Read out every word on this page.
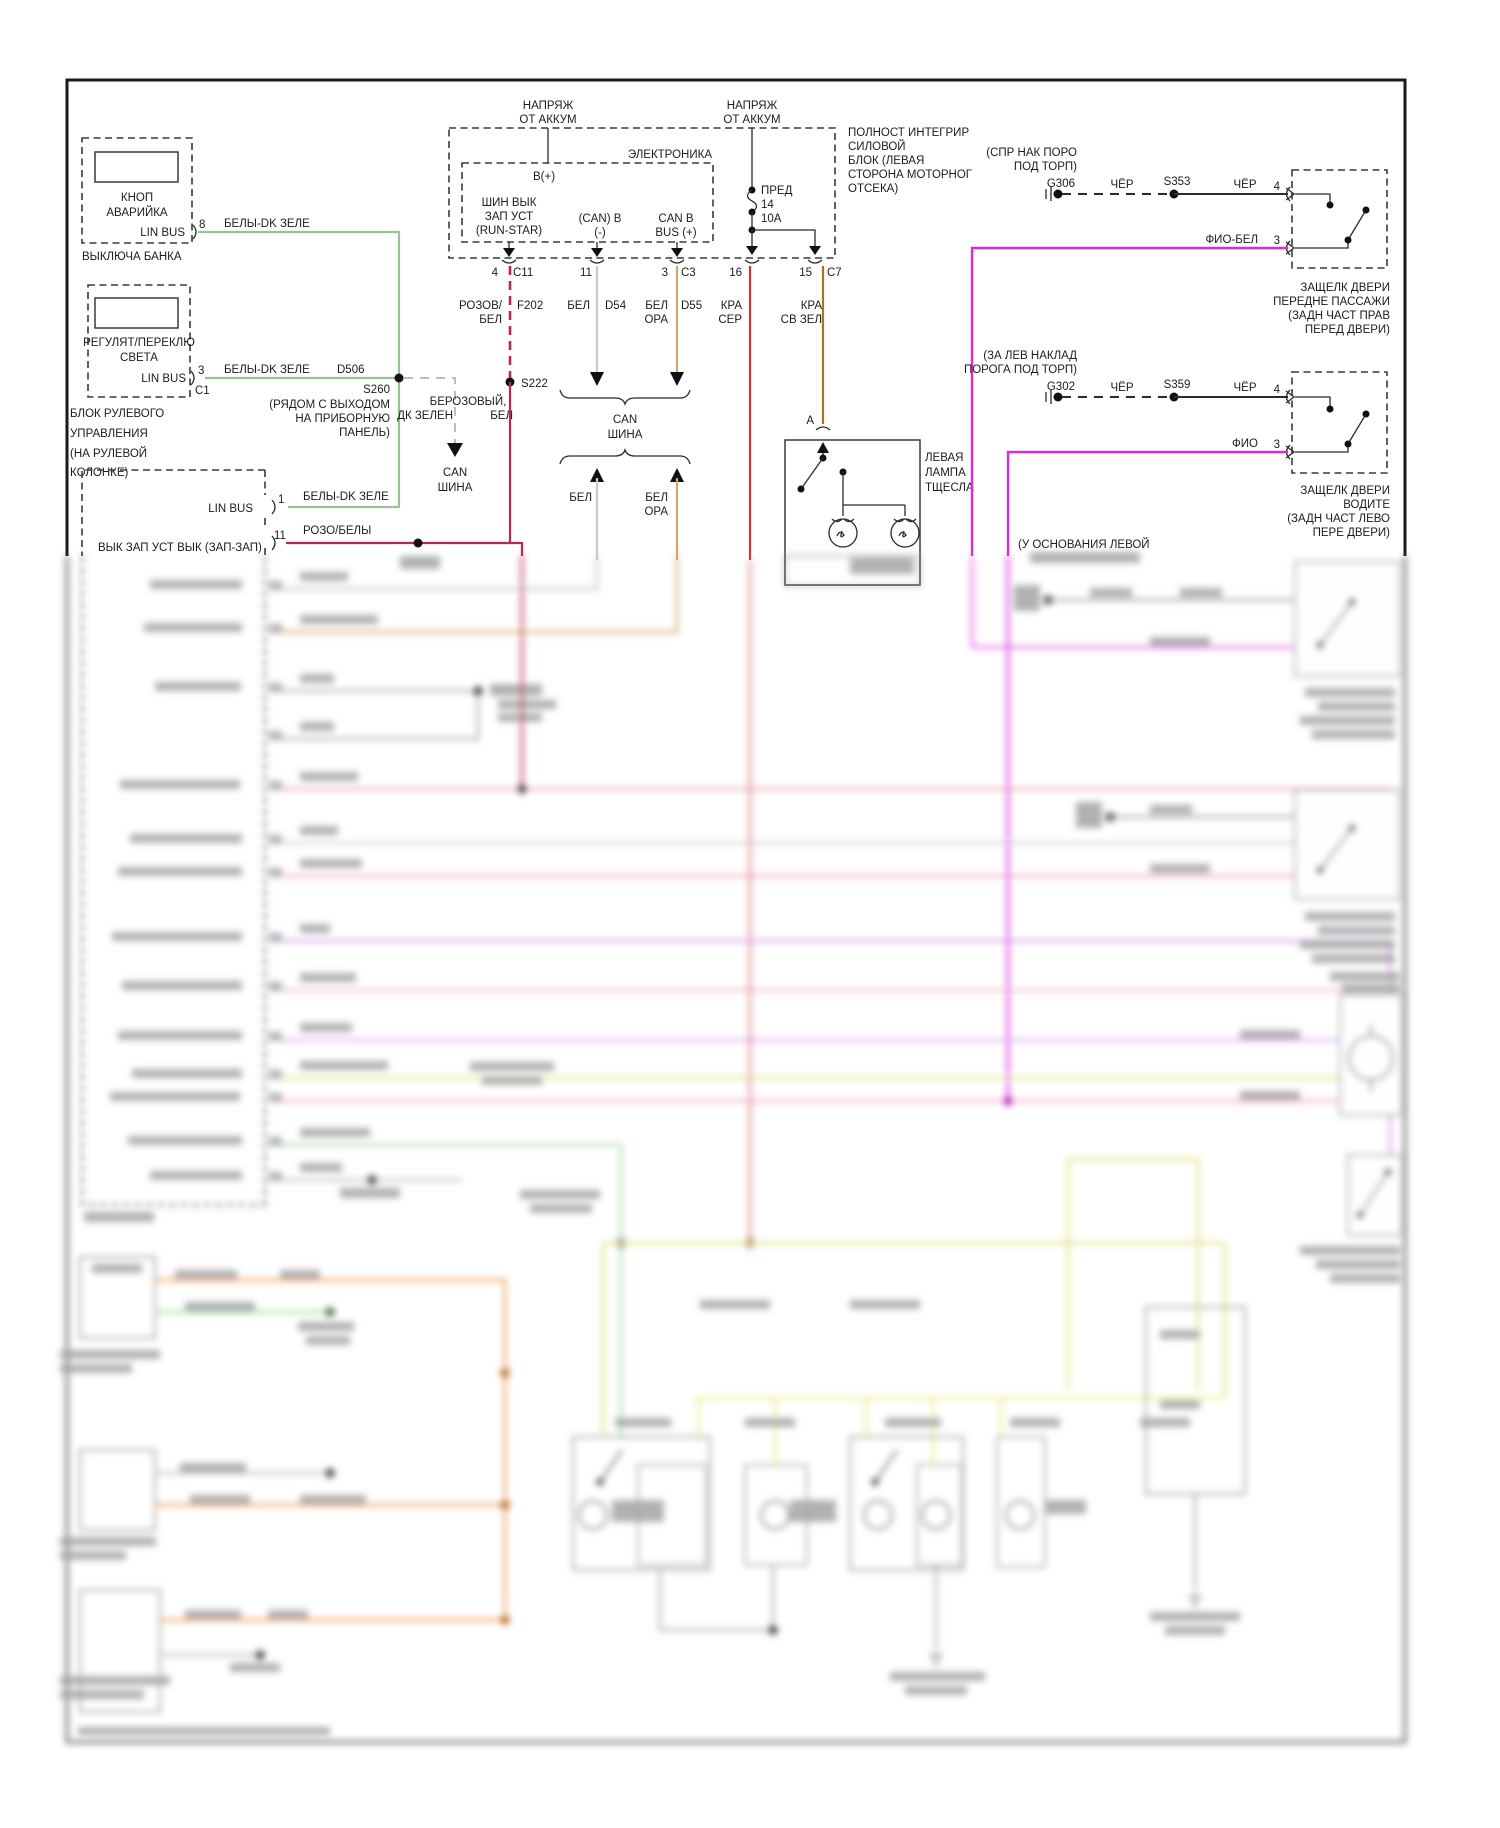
КНОП
АВАРИЙКА
LIN BUS
8
ВЫКЛЮЧА БАНКА
БЕЛЫ-DK ЗЕЛЕ
РЕГУЛЯТ/ПЕРЕКЛЮ
СВЕТА
LIN BUS
3
C1
БЛОК РУЛЕВОГО
УПРАВЛЕНИЯ
(НА РУЛЕВОЙ
КОЛОНКЕ)
БЕЛЫ-DK ЗЕЛЕ D506
S260
(РЯДОМ С ВЫХОДОМ
НА ПРИБОРНУЮ
ПАНЕЛЬ)
БЕРОЗОВЫЙ,
ДК ЗЕЛЕН	БЕЛ
CAN
ШИНА
LIN BUS
1
11
ВЫК ЗАП УСТ ВЫК (ЗАП-ЗАП)
БЕЛЫ-DK ЗЕЛЕ
РОЗО/БЕЛЫ
НАПРЯЖ
ОТ АККУМ
НАПРЯЖ
ОТ АККУМ
ЭЛЕКТРОНИКА
B(+)
ШИН ВЫК
ЗАП УСТ
(RUN-STAR)
(CAN) B
(-)
CAN B
BUS (+)
ПРЕД
14
10А
4 C11	11	3 C3	16	15 C7
ПОЛНОСТ ИНТЕГРИР
СИЛОВОЙ
БЛОК (ЛЕВАЯ
СТОРОНА МОТОРНОГ
ОТСЕКА)
РОЗОВ/
БЕЛ
F202
S222
БЕЛ D54 БЕЛ
ОРА
D55 КРА
СЕР
КРА
СВ ЗЕЛ
CAN
ШИНА
БЕЛ	БЕЛ
ОРА
А
ЛЕВАЯ
ЛАМПА
ТЩЕСЛА
(СПР НАК ПОРО
ПОД ТОРП)
G306	ЧЁР	S353	ЧЁР 4
ЗАЩЕЛК ДВЕРИ
ПЕРЕДНЕ ПАССАЖИ
(ЗАДН ЧАСТ ПРАВ
ПЕРЕД ДВЕРИ)
ФИО-БЕЛ 3
(ЗА ЛЕВ НАКЛАД
ПОРОГА ПОД ТОРП)
G302	ЧЁР	S359	ЧЁР 4
ЗАЩЕЛК ДВЕРИ
ВОДИТЕ
(ЗАДН ЧАСТ ЛЕВО
ПЕРЕ ДВЕРИ)
ФИО 3
(У ОСНОВАНИЯ ЛЕВОЙ
